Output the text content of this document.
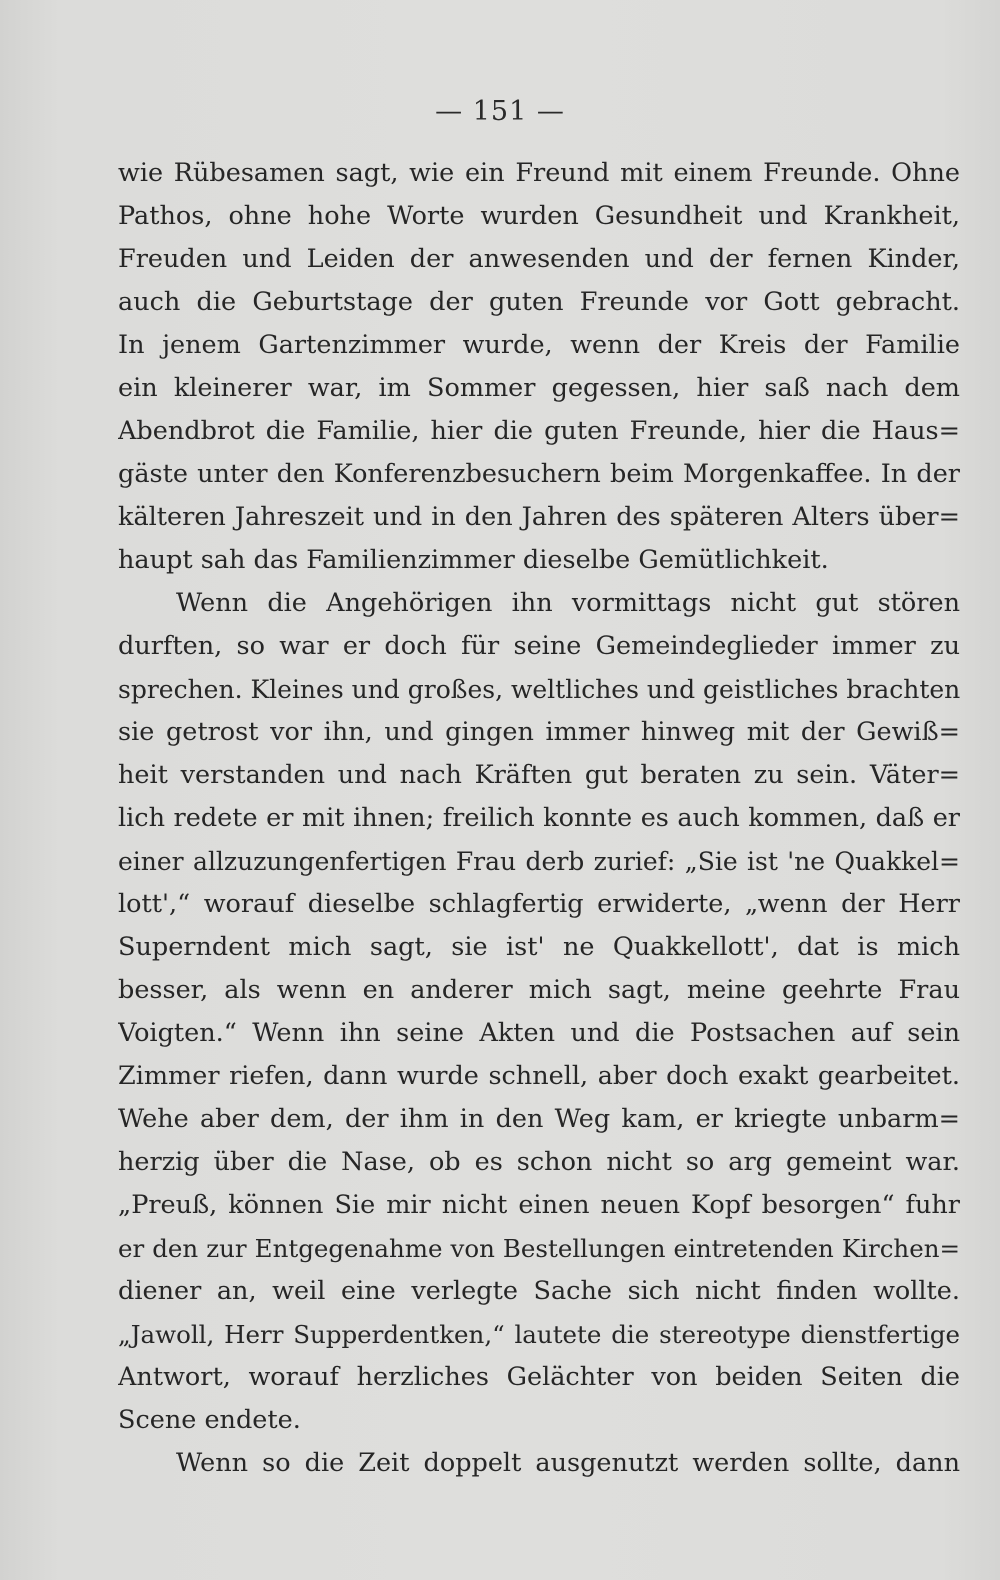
— 151 —
wie Rübesamen sagt, wie ein Freund mit einem Freunde. Ohne
Pathos, ohne hohe Worte wurden Gesundheit und Krankheit,
Freuden und Leiden der anwesenden und der fernen Kinder,
auch die Geburtstage der guten Freunde vor Gott gebracht.
In jenem Gartenzimmer wurde, wenn der Kreis der Familie
ein kleinerer war, im Sommer gegessen, hier saß nach dem
Abendbrot die Familie, hier die guten Freunde, hier die Haus=
gäste unter den Konferenzbesuchern beim Morgenkaffee. In der
kälteren Jahreszeit und in den Jahren des späteren Alters über=
haupt sah das Familienzimmer dieselbe Gemütlichkeit.
Wenn die Angehörigen ihn vormittags nicht gut stören
durften, so war er doch für seine Gemeindeglieder immer zu
sprechen. Kleines und großes, weltliches und geistliches brachten
sie getrost vor ihn, und gingen immer hinweg mit der Gewiß=
heit verstanden und nach Kräften gut beraten zu sein. Väter=
lich redete er mit ihnen; freilich konnte es auch kommen, daß er
einer allzuzungenfertigen Frau derb zurief: „Sie ist 'ne Quakkel=
lott',“ worauf dieselbe schlagfertig erwiderte, „wenn der Herr
Superndent mich sagt, sie ist' ne Quakkellott', dat is mich
besser, als wenn en anderer mich sagt, meine geehrte Frau
Voigten.“ Wenn ihn seine Akten und die Postsachen auf sein
Zimmer riefen, dann wurde schnell, aber doch exakt gearbeitet.
Wehe aber dem, der ihm in den Weg kam, er kriegte unbarm=
herzig über die Nase, ob es schon nicht so arg gemeint war.
„Preuß, können Sie mir nicht einen neuen Kopf besorgen“ fuhr
er den zur Entgegenahme von Bestellungen eintretenden Kirchen=
diener an, weil eine verlegte Sache sich nicht finden wollte.
„Jawoll, Herr Supperdentken,“ lautete die stereotype dienstfertige
Antwort, worauf herzliches Gelächter von beiden Seiten die
Scene endete.
Wenn so die Zeit doppelt ausgenutzt werden sollte, dann
